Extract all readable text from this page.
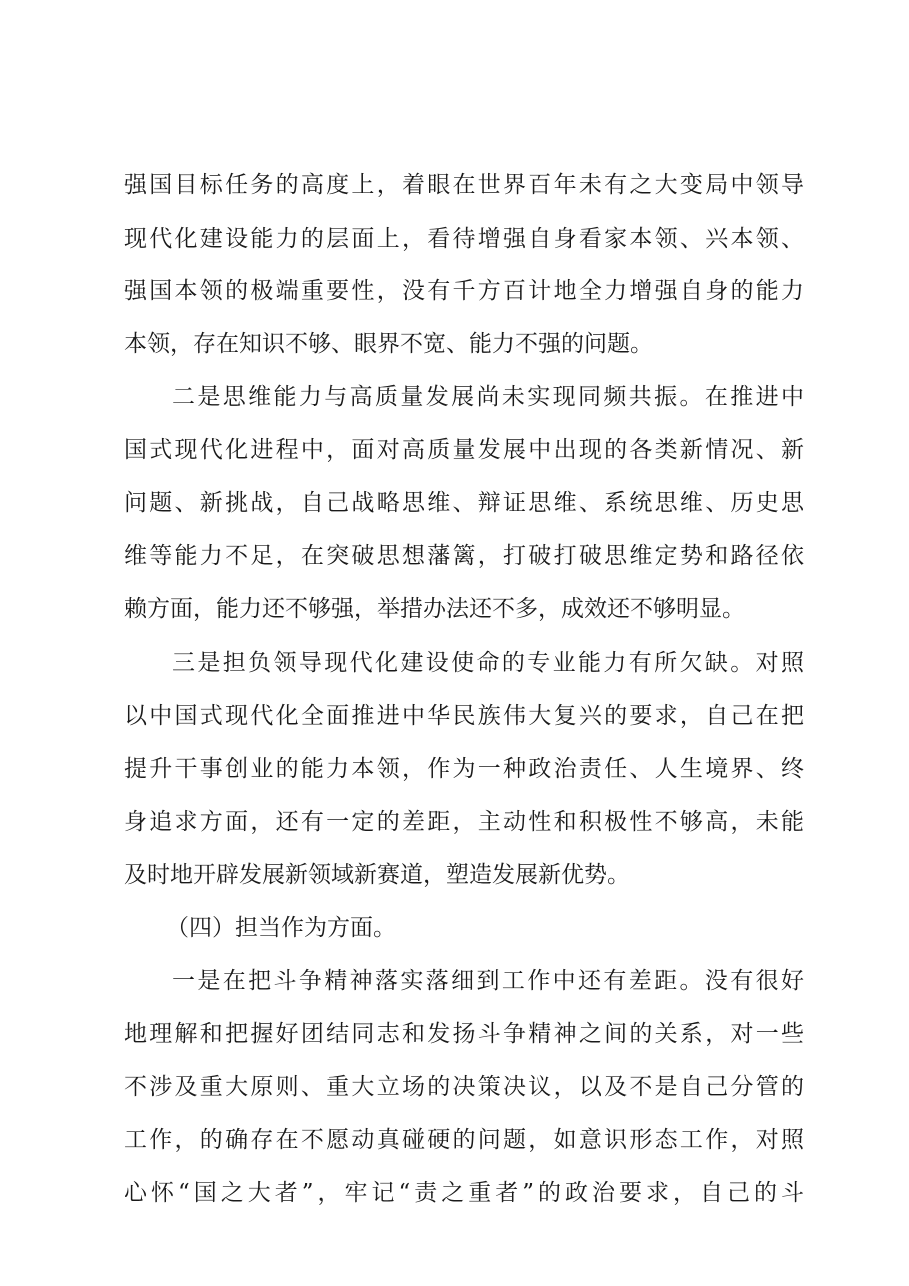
强国目标任务的高度上，着眼在世界百年未有之大变局中领导
现代化建设能力的层面上，看待增强自身看家本领、兴本领、
强国本领的极端重要性，没有千方百计地全力增强自身的能力
本领，存在知识不够、眼界不宽、能力不强的问题。
二是思维能力与高质量发展尚未实现同频共振。在推进中
国式现代化进程中，面对高质量发展中出现的各类新情况、新
问题、新挑战，自己战略思维、辩证思维、系统思维、历史思
维等能力不足，在突破思想藩篱，打破打破思维定势和路径依
赖方面，能力还不够强，举措办法还不多，成效还不够明显。
三是担负领导现代化建设使命的专业能力有所欠缺。对照
以中国式现代化全面推进中华民族伟大复兴的要求，自己在把
提升干事创业的能力本领，作为一种政治责任、人生境界、终
身追求方面，还有一定的差距，主动性和积极性不够高，未能
及时地开辟发展新领域新赛道，塑造发展新优势。
（四）担当作为方面。
一是在把斗争精神落实落细到工作中还有差距。没有很好
地理解和把握好团结同志和发扬斗争精神之间的关系，对一些
不涉及重大原则、重大立场的决策决议，以及不是自己分管的
工作，的确存在不愿动真碰硬的问题，如意识形态工作，对照
心怀“国之大者”，牢记“责之重者”的政治要求，自己的斗
